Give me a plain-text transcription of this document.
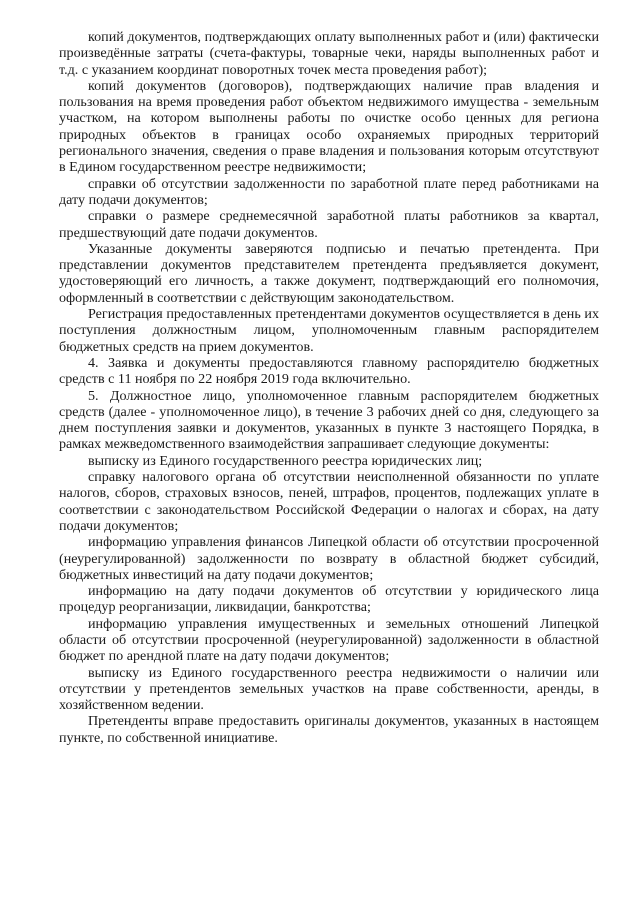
копий документов, подтверждающих оплату выполненных работ и (или) фактически произведённые затраты (счета-фактуры, товарные чеки, наряды выполненных работ и т.д. с указанием координат поворотных точек места проведения работ);

копий документов (договоров), подтверждающих наличие прав владения и пользования на время проведения работ объектом недвижимого имущества - земельным участком, на котором выполнены работы по очистке особо ценных для региона природных объектов в границах особо охраняемых природных территорий регионального значения, сведения о праве владения и пользования которым отсутствуют в Едином государственном реестре недвижимости;

справки об отсутствии задолженности по заработной плате перед работниками на дату подачи документов;

справки о размере среднемесячной заработной платы работников за квартал, предшествующий дате подачи документов.

Указанные документы заверяются подписью и печатью претендента. При представлении документов представителем претендента предъявляется документ, удостоверяющий его личность, а также документ, подтверждающий его полномочия, оформленный в соответствии с действующим законодательством.

Регистрация предоставленных претендентами документов осуществляется в день их поступления должностным лицом, уполномоченным главным распорядителем бюджетных средств на прием документов.

4. Заявка и документы предоставляются главному распорядителю бюджетных средств с 11 ноября по 22 ноября 2019 года включительно.

5. Должностное лицо, уполномоченное главным распорядителем бюджетных средств (далее - уполномоченное лицо), в течение 3 рабочих дней со дня, следующего за днем поступления заявки и документов, указанных в пункте 3 настоящего Порядка, в рамках межведомственного взаимодействия запрашивает следующие документы:

выписку из Единого государственного реестра юридических лиц;

справку налогового органа об отсутствии неисполненной обязанности по уплате налогов, сборов, страховых взносов, пеней, штрафов, процентов, подлежащих уплате в соответствии с законодательством Российской Федерации о налогах и сборах, на дату подачи документов;

информацию управления финансов Липецкой области об отсутствии просроченной (неурегулированной) задолженности по возврату в областной бюджет субсидий, бюджетных инвестиций на дату подачи документов;

информацию на дату подачи документов об отсутствии у юридического лица процедур реорганизации, ликвидации, банкротства;

информацию управления имущественных и земельных отношений Липецкой области об отсутствии просроченной (неурегулированной) задолженности в областной бюджет по арендной плате на дату подачи документов;

выписку из Единого государственного реестра недвижимости о наличии или отсутствии у претендентов земельных участков на праве собственности, аренды, в хозяйственном ведении.

Претенденты вправе предоставить оригиналы документов, указанных в настоящем пункте, по собственной инициативе.
